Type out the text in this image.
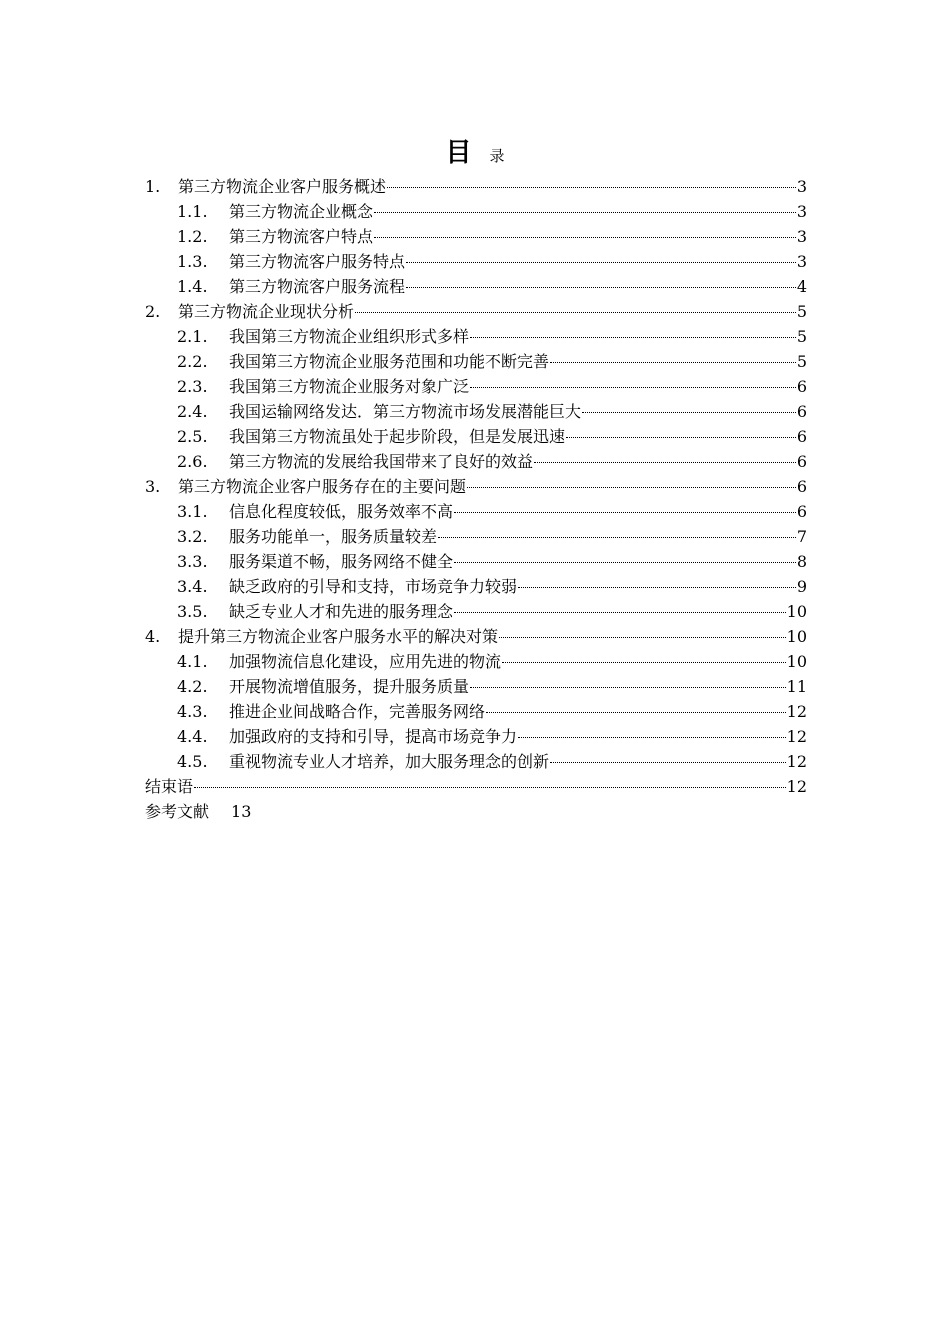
目 录
1.	第三方物流企业客户服务概述	3
1.1.	第三方物流企业概念	3
1.2.	第三方物流客户特点	3
1.3.	第三方物流客户服务特点	3
1.4.	第三方物流客户服务流程	4
2.	第三方物流企业现状分析	5
2.1.	我国第三方物流企业组织形式多样	5
2.2.	我国第三方物流企业服务范围和功能不断完善	5
2.3.	我国第三方物流企业服务对象广泛	6
2.4.	我国运输网络发达．第三方物流市场发展潜能巨大	6
2.5.	我国第三方物流虽处于起步阶段，但是发展迅速	6
2.6.	第三方物流的发展给我国带来了良好的效益	6
3.	第三方物流企业客户服务存在的主要问题	6
3.1.	信息化程度较低，服务效率不高	6
3.2.	服务功能单一，服务质量较差	7
3.3.	服务渠道不畅，服务网络不健全	8
3.4.	缺乏政府的引导和支持，市场竞争力较弱	9
3.5.	缺乏专业人才和先进的服务理念	10
4.	提升第三方物流企业客户服务水平的解决对策	10
4.1.	加强物流信息化建设，应用先进的物流	10
4.2.	开展物流增值服务，提升服务质量	11
4.3.	推进企业间战略合作，完善服务网络	12
4.4.	加强政府的支持和引导，提高市场竞争力	12
4.5.	重视物流专业人才培养，加大服务理念的创新	12
结束语	12
参考文献 13
